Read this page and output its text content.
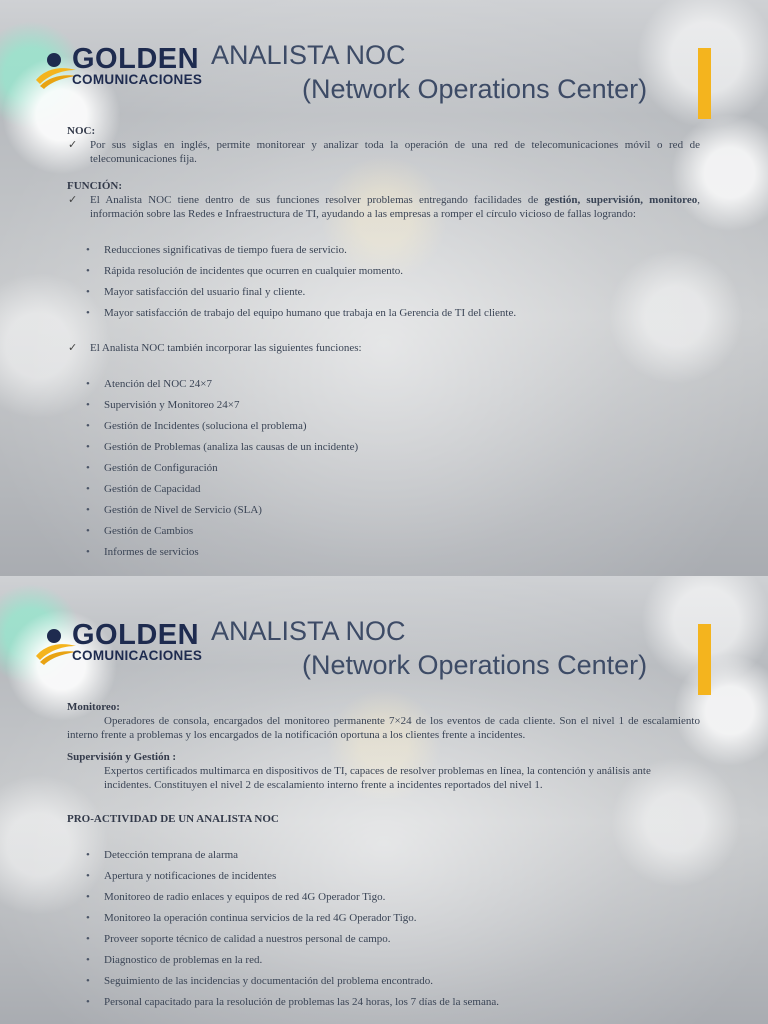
GOLDEN
COMUNICACIONES
ANALISTA NOC
(Network Operations Center)
NOC:
✓ Por sus siglas en inglés, permite monitorear y analizar toda la operación de una red de telecomunicaciones móvil o red de telecomunicaciones fija.
FUNCIÓN:
✓ El Analista NOC tiene dentro de sus funciones resolver problemas entregando facilidades de gestión, supervisión, monitoreo, información sobre las Redes e Infraestructura de TI, ayudando a las empresas a romper el círculo vicioso de fallas logrando:
• Reducciones significativas de tiempo fuera de servicio.
• Rápida resolución de incidentes que ocurren en cualquier momento.
• Mayor satisfacción del usuario final y cliente.
• Mayor satisfacción de trabajo del equipo humano que trabaja en la Gerencia de TI del cliente.
✓ El Analista NOC también incorporar las siguientes funciones:
• Atención del NOC 24×7
• Supervisión y Monitoreo 24×7
• Gestión de Incidentes (soluciona el problema)
• Gestión de Problemas (analiza las causas de un incidente)
• Gestión de Configuración
• Gestión de Capacidad
• Gestión de Nivel de Servicio (SLA)
• Gestión de Cambios
• Informes de servicios
GOLDEN
COMUNICACIONES
ANALISTA NOC
(Network Operations Center)
Monitoreo:
Operadores de consola, encargados del monitoreo permanente 7×24 de los eventos de cada cliente. Son el nivel 1 de escalamiento interno frente a problemas y los encargados de la notificación oportuna a los clientes frente a incidentes.
Supervisión y Gestión :
Expertos certificados multimarca en dispositivos de TI, capaces de resolver problemas en línea, la contención y análisis ante incidentes. Constituyen el nivel 2 de escalamiento interno frente a incidentes reportados del nivel 1.
PRO-ACTIVIDAD DE UN ANALISTA NOC
• Detección temprana de alarma
• Apertura y notificaciones de incidentes
• Monitoreo de radio enlaces y equipos de red 4G Operador Tigo.
• Monitoreo la operación continua servicios de la red 4G Operador Tigo.
• Proveer soporte técnico de calidad a nuestros personal de campo.
• Diagnostico de problemas en la red.
• Seguimiento de las incidencias y documentación del problema encontrado.
• Personal capacitado para la resolución de problemas las 24 horas, los 7 días de la semana.
